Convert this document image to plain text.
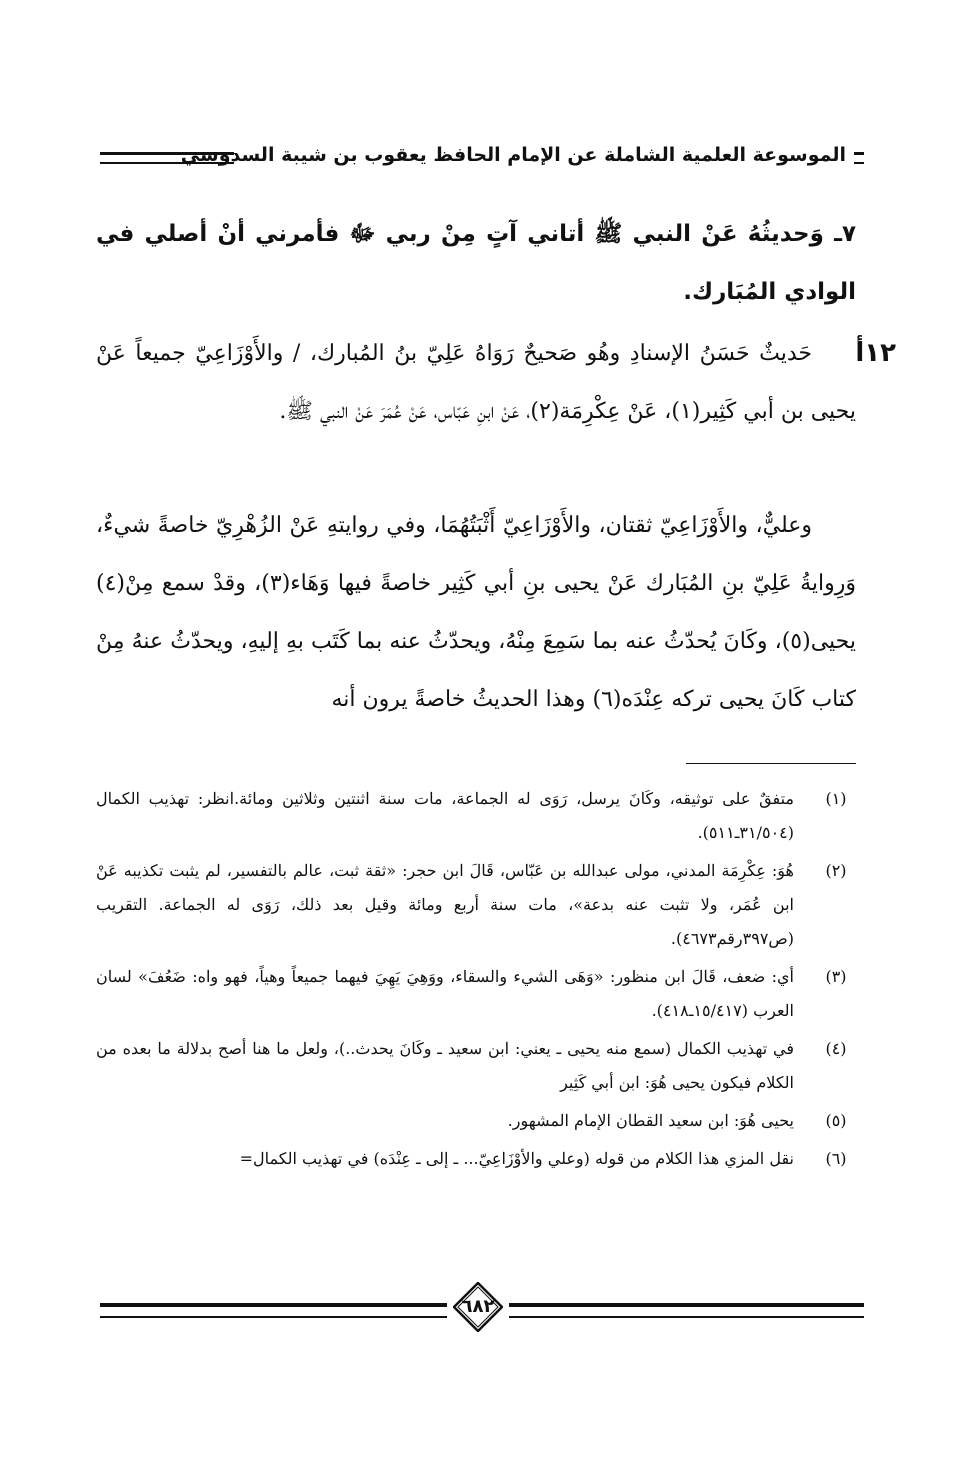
الموسوعة العلمية الشاملة عن الإمام الحافظ يعقوب بن شيبة السدوسي
٧ـ وَحديثُهُ عَنْ النبي ﷺ أتاني آتٍ مِنْ ربي ﷻ فأمرني أنْ أصلي في الوادي المُبَارك.
١٢أ
حَديثٌ حَسَنُ الإسنادِ وهُو صَحيحٌ رَوَاهُ عَلِيّ بنُ المُبارك، / والأَوْزَاعِيّ جميعاً عَنْ يحيى بن أبي كَثِير(١)، عَنْ عِكْرِمَة(٢)، عَنْ ابنِ عَبّاس، عَنْ عُمَرَ عَنْ النبي ﷺ.
وعليٌّ، والأَوْزَاعِيّ ثقتان، والأَوْزَاعِيّ أَثْبَتُهُمَا، وفي روايتهِ عَنْ الزُهْرِيّ خاصةً شيءٌ، وَرِوايةُ عَلِيّ بنِ المُبَارك عَنْ يحيى بنِ أبي كَثِير خاصةً فيها وَهَاء(٣)، وقدْ سمع مِنْ(٤) يحيى(٥)، وكَانَ يُحدّثُ عنه بما سَمِعَ مِنْهُ، ويحدّثُ عنه بما كَتَب بهِ إليهِ، ويحدّثُ عنهُ مِنْ كتاب كَانَ يحيى تركه عِنْدَه(٦) وهذا الحديثُ خاصةً يرون أنه
(١)
متفقٌ على توثيقه، وكَانَ يرسل، رَوَى له الجماعة، مات سنة اثنتين وثلاثين ومائة.انظر: تهذيب الكمال (٣١/٥٠٤ـ٥١١).
(٢)
هُوَ: عِكْرِمَة المدني، مولى عبدالله بن عَبّاس، قَالَ ابن حجر: «ثقة ثبت، عالم بالتفسير، لم يثبت تكذيبه عَنْ ابن عُمَر، ولا تثبت عنه بدعة»، مات سنة أربع ومائة وقيل بعد ذلك، رَوَى له الجماعة. التقريب (ص٣٩٧رقم٤٦٧٣).
(٣)
أي: ضعف، قَالَ ابن منظور: «وَهَى الشيء والسقاء، ووَهِيَ يَهِيَ فيهما جميعاً وهياً، فهو واه: ضَعُفَ» لسان العرب (١٥/٤١٧ـ٤١٨).
(٤)
في تهذيب الكمال (سمع منه يحيى ـ يعني: ابن سعيد ـ وكَانَ يحدث..)، ولعل ما هنا أصح بدلالة ما بعده من الكلام فيكون يحيى هُوَ: ابن أبي كَثِير
(٥)
يحيى هُوَ: ابن سعيد القطان الإمام المشهور.
(٦)
نقل المزي هذا الكلام من قوله (وعلي والأوْزَاعِيّ... ـ إلى ـ عِنْدَه) في تهذيب الكمال=
٦٨٢
